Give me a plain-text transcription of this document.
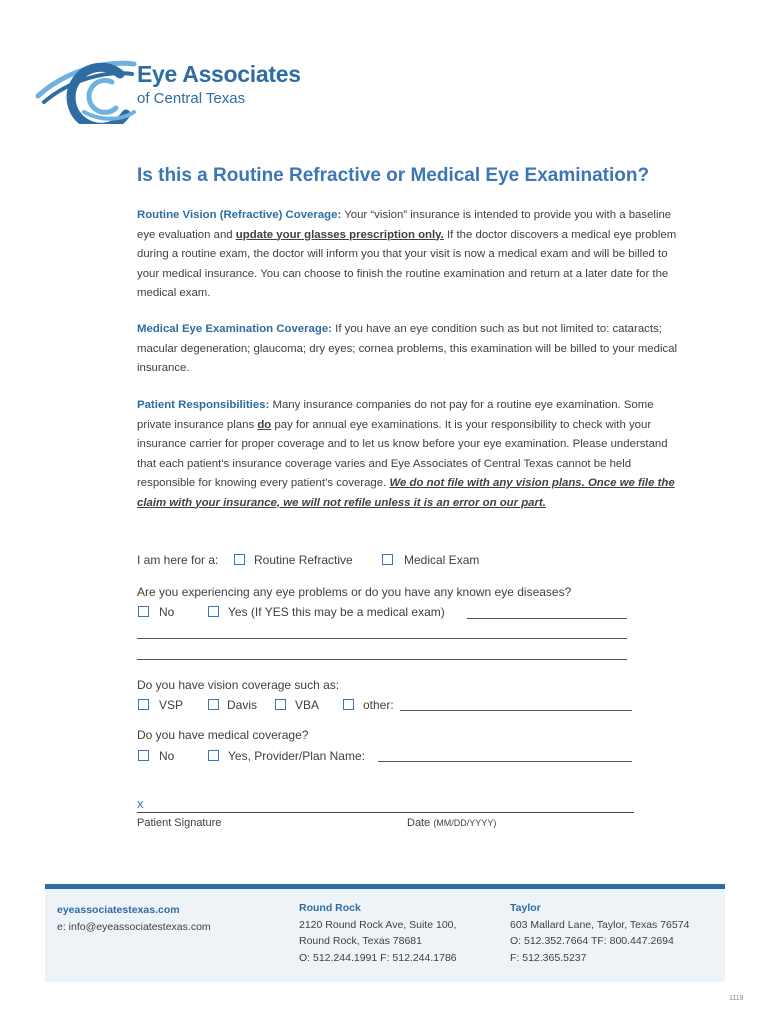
Eye Associates
of Central Texas
Is this a Routine Refractive or Medical Eye Examination?
Routine Vision (Refractive) Coverage: Your “vision” insurance is intended to provide you with a baseline eye evaluation and update your glasses prescription only. If the doctor discovers a medical eye problem during a routine exam, the doctor will inform you that your visit is now a medical exam and will be billed to your medical insurance. You can choose to finish the routine examination and return at a later date for the medical exam.
Medical Eye Examination Coverage: If you have an eye condition such as but not limited to: cataracts; macular degeneration; glaucoma; dry eyes; cornea problems, this examination will be billed to your medical insurance.
Patient Responsibilities: Many insurance companies do not pay for a routine eye examination. Some private insurance plans do pay for annual eye examinations. It is your responsibility to check with your insurance carrier for proper coverage and to let us know before your eye examination. Please understand that each patient’s insurance coverage varies and Eye Associates of Central Texas cannot be held responsible for knowing every patient’s coverage. We do not file with any vision plans. Once we file the claim with your insurance, we will not refile unless it is an error on our part.
I am here for a:	Routine Refractive	Medical Exam
Are you experiencing any eye problems or do you have any known eye diseases?
No	Yes (If YES this may be a medical exam)
Do you have vision coverage such as:
VSP	Davis	VBA	other:
Do you have medical coverage?
No	Yes, Provider/Plan Name:
x
Patient Signature	Date (MM/DD/YYYY)
eyeassociatestexas.com
e: info@eyeassociatestexas.com
Round Rock
2120 Round Rock Ave, Suite 100,
Round Rock, Texas 78681
O: 512.244.1991 F: 512.244.1786
Taylor
603 Mallard Lane, Taylor, Texas 76574
O: 512.352.7664 TF: 800.447.2694
F: 512.365.5237
1119
